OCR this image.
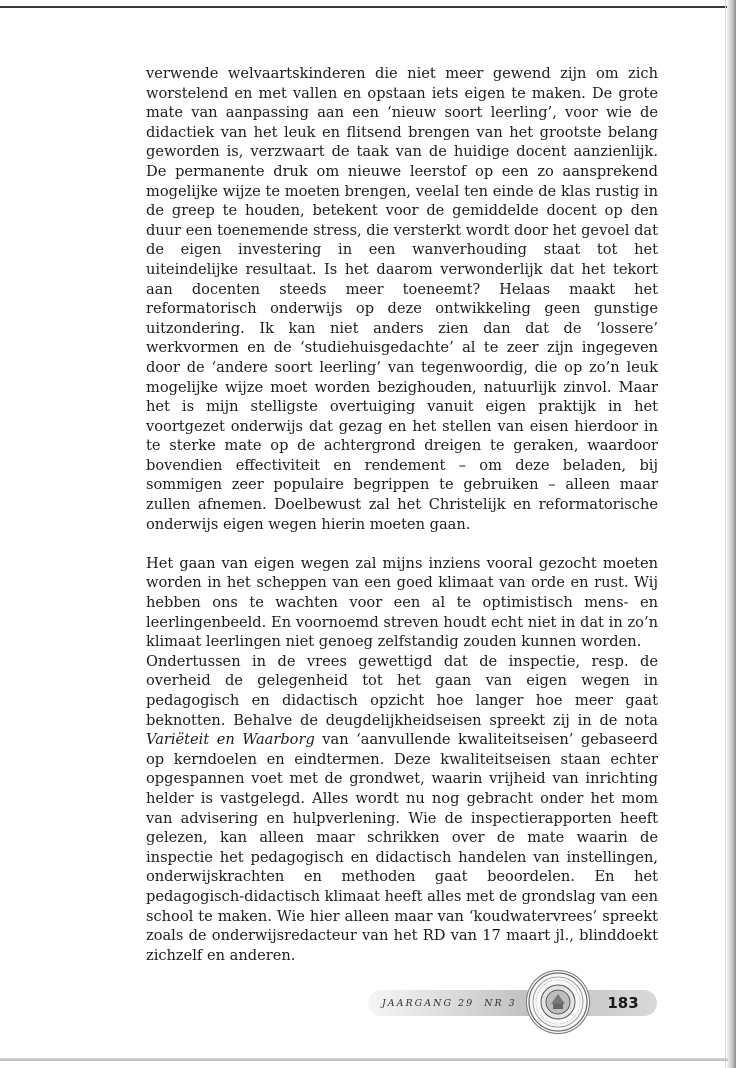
verwende welvaartskinderen die niet meer gewend zijn om zich worstelend en met vallen en opstaan iets eigen te maken. De grote mate van aanpassing aan een ‘nieuw soort leerling’, voor wie de didactiek van het leuk en flitsend brengen van het grootste belang geworden is, verzwaart de taak van de huidige docent aanzienlijk. De permanente druk om nieuwe leerstof op een zo aansprekend mogelijke wijze te moeten brengen, veelal ten einde de klas rustig in de greep te houden, betekent voor de gemiddelde docent op den duur een toenemende stress, die versterkt wordt door het gevoel dat de eigen investering in een wanverhouding staat tot het uiteindelijke resultaat. Is het daarom verwonderlijk dat het tekort aan docenten steeds meer toeneemt? Helaas maakt het reformatorisch onderwijs op deze ontwikkeling geen gunstige uitzondering. Ik kan niet anders zien dan dat de ‘lossere’ werkvormen en de ‘studiehuisgedachte’ al te zeer zijn ingegeven door de ‘andere soort leerling’ van tegenwoordig, die op zo’n leuk mogelijke wijze moet worden bezighouden, natuurlijk zinvol. Maar het is mijn stelligste overtuiging vanuit eigen praktijk in het voortgezet onderwijs dat gezag en het stellen van eisen hierdoor in te sterke mate op de achtergrond dreigen te geraken, waardoor bovendien effectiviteit en rendement – om deze beladen, bij sommigen zeer populaire begrippen te gebruiken – alleen maar zullen afnemen. Doelbewust zal het Christelijk en reformatorische onderwijs eigen wegen hierin moeten gaan.

Het gaan van eigen wegen zal mijns inziens vooral gezocht moeten worden in het scheppen van een goed klimaat van orde en rust. Wij hebben ons te wachten voor een al te optimistisch mens- en leerlingenbeeld. En voornoemd streven houdt echt niet in dat in zo’n klimaat leerlingen niet genoeg zelfstandig zouden kunnen worden.

Ondertussen in de vrees gewettigd dat de inspectie, resp. de overheid de gelegenheid tot het gaan van eigen wegen in pedagogisch en didactisch opzicht hoe langer hoe meer gaat beknotten. Behalve de deugdelijkheidseisen spreekt zij in de nota Variëteit en Waarborg van ‘aanvullende kwaliteitseisen’ gebaseerd op kerndoelen en eindtermen. Deze kwaliteitseisen staan echter opgespannen voet met de grondwet, waarin vrijheid van inrichting helder is vastgelegd. Alles wordt nu nog gebracht onder het mom van advisering en hulpverlening. Wie de inspectierapporten heeft gelezen, kan alleen maar schrikken over de mate waarin de inspectie het pedagogisch en didactisch handelen van instellingen, onderwijskrachten en methoden gaat beoordelen. En het pedagogisch-didactisch klimaat heeft alles met de grondslag van een school te maken. Wie hier alleen maar van ‘koudwatervrees’ spreekt zoals de onderwijsredacteur van het RD van 17 maart jl., blinddoekt zichzelf en anderen.

JAARGANG 29 NR 3	183
